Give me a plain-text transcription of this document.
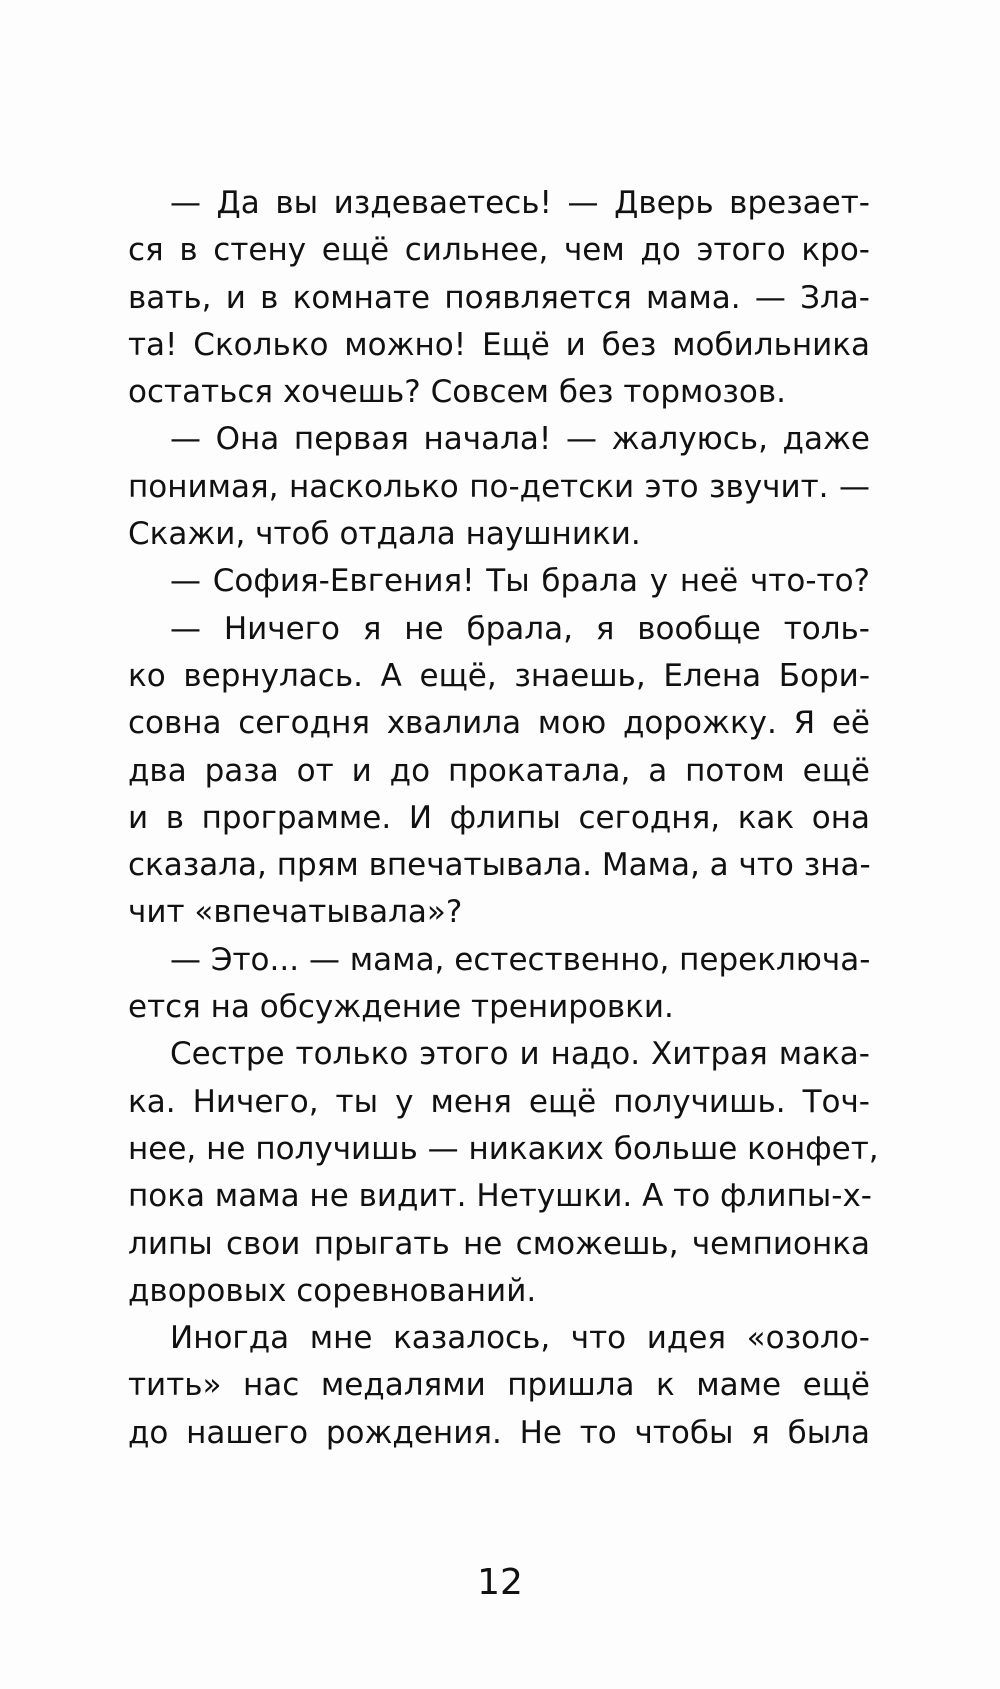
— Да вы издеваетесь! — Дверь врезает-
ся в стену ещё сильнее, чем до этого кро-
вать, и в комнате появляется мама. — Зла-
та! Сколько можно! Ещё и без мобильника
остаться хочешь? Совсем без тормозов.
— Она первая начала! — жалуюсь, даже
понимая, насколько по-детски это звучит. —
Скажи, чтоб отдала наушники.
— София-Евгения! Ты брала у неё что-то?
— Ничего я не брала, я вообще толь-
ко вернулась. А ещё, знаешь, Елена Бори-
совна сегодня хвалила мою дорожку. Я её
два раза от и до прокатала, а потом ещё
и в программе. И флипы сегодня, как она
сказала, прям впечатывала. Мама, а что зна-
чит «впечатывала»?
— Это... — мама, естественно, переключа-
ется на обсуждение тренировки.
Сестре только этого и надо. Хитрая мака-
ка. Ничего, ты у меня ещё получишь. Точ-
нее, не получишь — никаких больше конфет,
пока мама не видит. Нетушки. А то флипы-х-
липы свои прыгать не сможешь, чемпионка
дворовых соревнований.
Иногда мне казалось, что идея «озоло-
тить» нас медалями пришла к маме ещё
до нашего рождения. Не то чтобы я была
12
